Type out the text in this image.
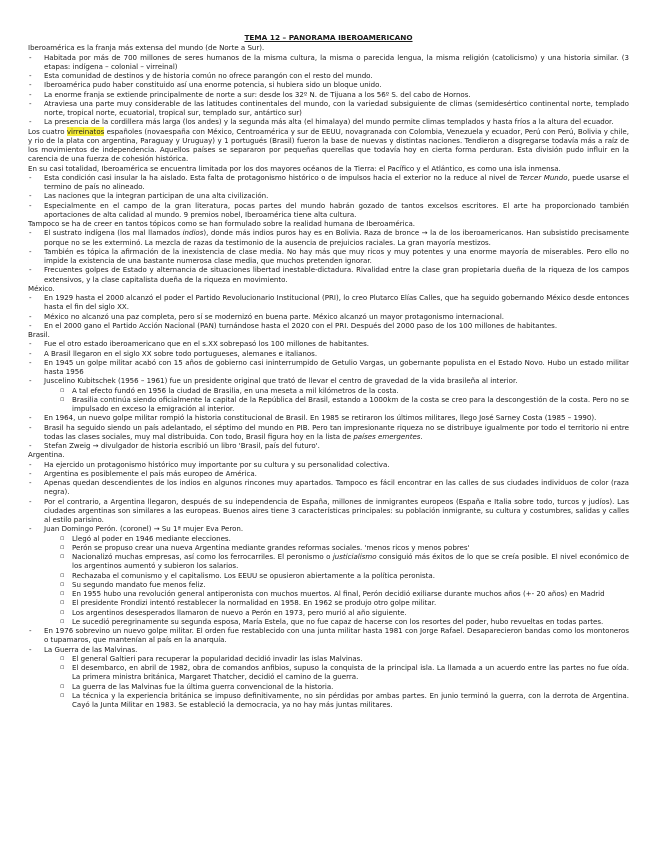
TEMA 12 – PANORAMA IBEROAMERICANO

Iberoamérica es la franja más extensa del mundo (de Norte a Sur).

- Habitada por más de 700 millones de seres humanos de la misma cultura, la misma o parecida lengua, la misma religión (catolicismo) y una historia similar. (3 etapas: indígena – colonial – virreinal)
- Esta comunidad de destinos y de historia común no ofrece parangón con el resto del mundo.
- Iberoamérica pudo haber constituido así una enorme potencia, si hubiera sido un bloque unido.
- La enorme franja se extiende principalmente de norte a sur: desde los 32º N. de Tijuana a los 56º S. del cabo de Hornos.
- Atraviesa una parte muy considerable de las latitudes continentales del mundo, con la variedad subsiguiente de climas (semidesértico continental norte, templado norte, tropical norte, ecuatorial, tropical sur, templado sur, antártico sur)
- La presencia de la cordillera más larga (los andes) y la segunda más alta (el himalaya) del mundo permite climas templados y hasta fríos a la altura del ecuador.

Los cuatro virreinatos españoles (novaespaña con México, Centroamérica y sur de EEUU, novagranada con Colombia, Venezuela y ecuador, Perú con Perú, Bolivia y chile, y rio de la plata con argentina, Paraguay y Uruguay) y 1 portugués (Brasil) fueron la base de nuevas y distintas naciones. Tendieron a disgregarse todavía más a raíz de los movimientos de independencia. Aquellos países se separaron por pequeñas querellas que todavía hoy en cierta forma perduran. Esta división pudo influir en la carencia de una fuerza de cohesión histórica.

En su casi totalidad, Iberoamérica se encuentra limitada por los dos mayores océanos de la Tierra: el Pacífico y el Atlántico, es como una isla inmensa.

- Esta condición casi insular la ha aislado. Esta falta de protagonismo histórico o de impulsos hacia el exterior no la reduce al nivel de Tercer Mundo, puede usarse el termino de país no alineado.
- Las naciones que la integran participan de una alta civilización.
- Especialmente en el campo de la gran literatura, pocas partes del mundo habrán gozado de tantos excelsos escritores. El arte ha proporcionado también aportaciones de alta calidad al mundo. 9 premios nobel, Iberoamérica tiene alta cultura.

Tampoco se ha de creer en tantos tópicos como se han formulado sobre la realidad humana de Iberoamérica.

- El sustrato indígena (los mal llamados indios), donde más indios puros hay es en Bolivia. Raza de bronce → la de los iberoamericanos. Han subsistido precisamente porque no se les exterminó. La mezcla de razas da testimonio de la ausencia de prejuicios raciales. La gran mayoría mestizos.
- También es tópica la afirmación de la inexistencia de clase media. No hay más que muy ricos y muy potentes y una enorme mayoría de miserables. Pero ello no impide la existencia de una bastante numerosa clase media, que muchos pretenden ignorar.
- Frecuentes golpes de Estado y alternancia de situaciones libertad inestable-dictadura. Rivalidad entre la clase gran propietaria dueña de la riqueza de los campos extensivos, y la clase capitalista dueña de la riqueza en movimiento.

México.

- En 1929 hasta el 2000 alcanzó el poder el Partido Revolucionario Institucional (PRI), lo creo Plutarco Elías Calles, que ha seguido gobernando México desde entonces hasta el fin del siglo XX.
- México no alcanzó una paz completa, pero sí se modernizó en buena parte. México alcanzó un mayor protagonismo internacional.
- En el 2000 gano el Partido Acción Nacional (PAN) turnándose hasta el 2020 con el PRI. Después del 2000 paso de los 100 millones de habitantes.

Brasil.

- Fue el otro estado iberoamericano que en el s.XX sobrepasó los 100 millones de habitantes.
- A Brasil llegaron en el siglo XX sobre todo portugueses, alemanes e italianos.
- En 1945 un golpe militar acabó con 15 años de gobierno casi ininterrumpido de Getulio Vargas, un gobernante populista en el Estado Novo. Hubo un estado militar hasta 1956
- Juscelino Kubitschek (1956 – 1961) fue un presidente original que trató de llevar el centro de gravedad de la vida brasileña al interior.
▫ A tal efecto fundó en 1956 la ciudad de Brasilia, en una meseta a mil kilómetros de la costa.
▫ Brasilia continúa siendo oficialmente la capital de la República del Brasil, estando a 1000km de la costa se creo para la descongestión de la costa. Pero no se impulsado en exceso la emigración al interior.
- En 1964, un nuevo golpe militar rompió la historia constitucional de Brasil. En 1985 se retiraron los últimos militares, llego José Sarney Costa (1985 – 1990).
- Brasil ha seguido siendo un país adelantado, el séptimo del mundo en PIB. Pero tan impresionante riqueza no se distribuye igualmente por todo el territorio ni entre todas las clases sociales, muy mal distribuida. Con todo, Brasil figura hoy en la lista de países emergentes.
- Stefan Zweig → divulgador de historia escribió un libro 'Brasil, país del futuro'.

Argentina.

- Ha ejercido un protagonismo histórico muy importante por su cultura y su personalidad colectiva.
- Argentina es posiblemente el país más europeo de América.
- Apenas quedan descendientes de los indios en algunos rincones muy apartados. Tampoco es fácil encontrar en las calles de sus ciudades individuos de color (raza negra).
- Por el contrario, a Argentina llegaron, después de su independencia de España, millones de inmigrantes europeos (España e Italia sobre todo, turcos y judíos). Las ciudades argentinas son similares a las europeas. Buenos aires tiene 3 características principales: su población inmigrante, su cultura y costumbres, salidas y calles al estilo parisino.
- Juan Domingo Perón. (coronel) → Su 1ª mujer Eva Peron.
▫ Llegó al poder en 1946 mediante elecciones.
▫ Perón se propuso crear una nueva Argentina mediante grandes reformas sociales. 'menos ricos y menos pobres'
▫ Nacionalizó muchas empresas, así como los ferrocarriles. El peronismo o justicialismo consiguió más éxitos de lo que se creía posible. El nivel económico de los argentinos aumentó y subieron los salarios.
▫ Rechazaba el comunismo y el capitalismo. Los EEUU se opusieron abiertamente a la política peronista.
▫ Su segundo mandato fue menos feliz.
▫ En 1955 hubo una revolución general antiperonista con muchos muertos. Al final, Perón decidió exiliarse durante muchos años (+- 20 años) en Madrid
▫ El presidente Frondizi intentó restablecer la normalidad en 1958. En 1962 se produjo otro golpe militar.
▫ Los argentinos desesperados llamaron de nuevo a Perón en 1973, pero murió al año siguiente.
▫ Le sucedió peregrinamente su segunda esposa, María Estela, que no fue capaz de hacerse con los resortes del poder, hubo revueltas en todas partes.
- En 1976 sobrevino un nuevo golpe militar. El orden fue restablecido con una junta militar hasta 1981 con Jorge Rafael. Desaparecieron bandas como los montoneros o tupamaros, que mantenían al país en la anarquía.
- La Guerra de las Malvinas.
▫ El general Galtieri para recuperar la popularidad decidió invadir las islas Malvinas.
▫ El desembarco, en abril de 1982, obra de comandos anfibios, supuso la conquista de la principal isla. La llamada a un acuerdo entre las partes no fue oída. La primera ministra británica, Margaret Thatcher, decidió el camino de la guerra.
▫ La guerra de las Malvinas fue la última guerra convencional de la historia.
▫ La técnica y la experiencia británica se impuso definitivamente, no sin pérdidas por ambas partes. En junio terminó la guerra, con la derrota de Argentina. Cayó la Junta Militar en 1983. Se estableció la democracia, ya no hay más juntas militares.
